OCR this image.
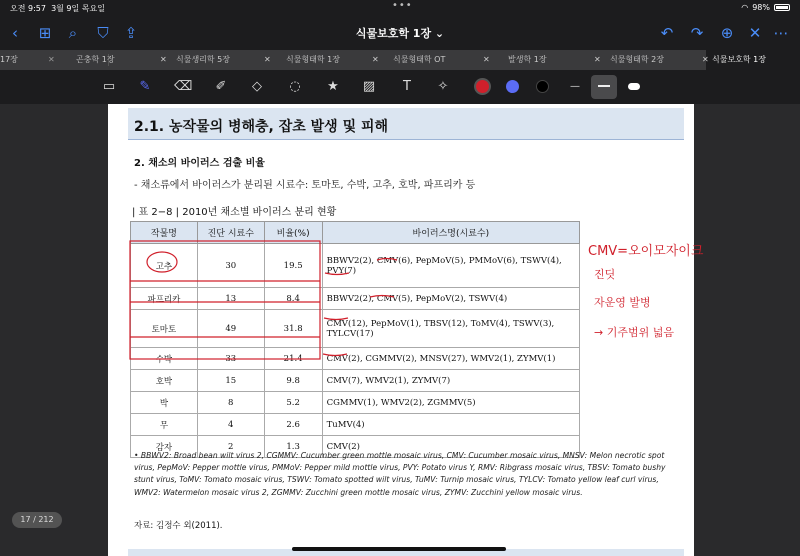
오전 9:57 3월 9일 목요일	•••	◠ 98%
‹	⊞	⌕	⛉ ⇪	식물보호학 1장 ⌄	↶ ↷ ⊕ ✕ ⋯
17장	✕	곤충학 1장	✕	식물생리학 5장	✕	식물형태학 1장	✕	식물형태학 OT	✕	발생학 1장	✕	식물형태학 2장	식물보호학 1장
✕
▭ ✎ ⌫ ✐	◇	◌ ★ ▨	T	✧	—
2.1. 농작물의 병해충, 잡초 발생 및 피해
2. 채소의 바이러스 검출 비율
- 채소류에서 바이러스가 분리된 시료수: 토마토, 수박, 고추, 호박, 파프리카 등
| 표 2−8 | 2010년 채소별 바이러스 분리 현황
작물명	진단 시료수	비율(%)	바이러스명(시료수)
고추	30	19.5	BBWV2(2), CMV(6), PepMoV(5), PMMoV(6), TSWV(4), PVY(7)
파프리카	13	8.4	BBWV2(2), CMV(5), PepMoV(2), TSWV(4)
토마토	49	31.8	CMV(12), PepMoV(1), TBSV(12), ToMV(4), TSWV(3), TYLCV(17)
수박	33	21.4	CMV(2), CGMMV(2), MNSV(27), WMV2(1), ZYMV(1)
호박	15	9.8	CMV(7), WMV2(1), ZYMV(7)
박	8	5.2	CGMMV(1), WMV2(2), ZGMMV(5)
무	4	2.6	TuMV(4)
감자	2	1.3	CMV(2)
• BBWV2: Broad bean wilt virus 2, CGMMV: Cucumber green mottle mosaic virus, CMV: Cucumber mosaic virus, MNSV: Melon necrotic spot virus, PepMoV: Pepper mottle virus, PMMoV: Pepper mild mottle virus, PVY: Potato virus Y, RMV: Ribgrass mosaic virus, TBSV: Tomato bushy stunt virus, ToMV: Tomato mosaic virus, TSWV: Tomato spotted wilt virus, TuMV: Turnip mosaic virus, TYLCV: Tomato yellow leaf curl virus, WMV2: Watermelon mosaic virus 2, ZGMMV: Zucchini green mottle mosaic virus, ZYMV: Zucchini yellow mosaic virus.
자료: 김정수 외(2011).
CMV=오이모자이크
진딧
자운영 발병
→ 기주범위 넓음
17 / 212
